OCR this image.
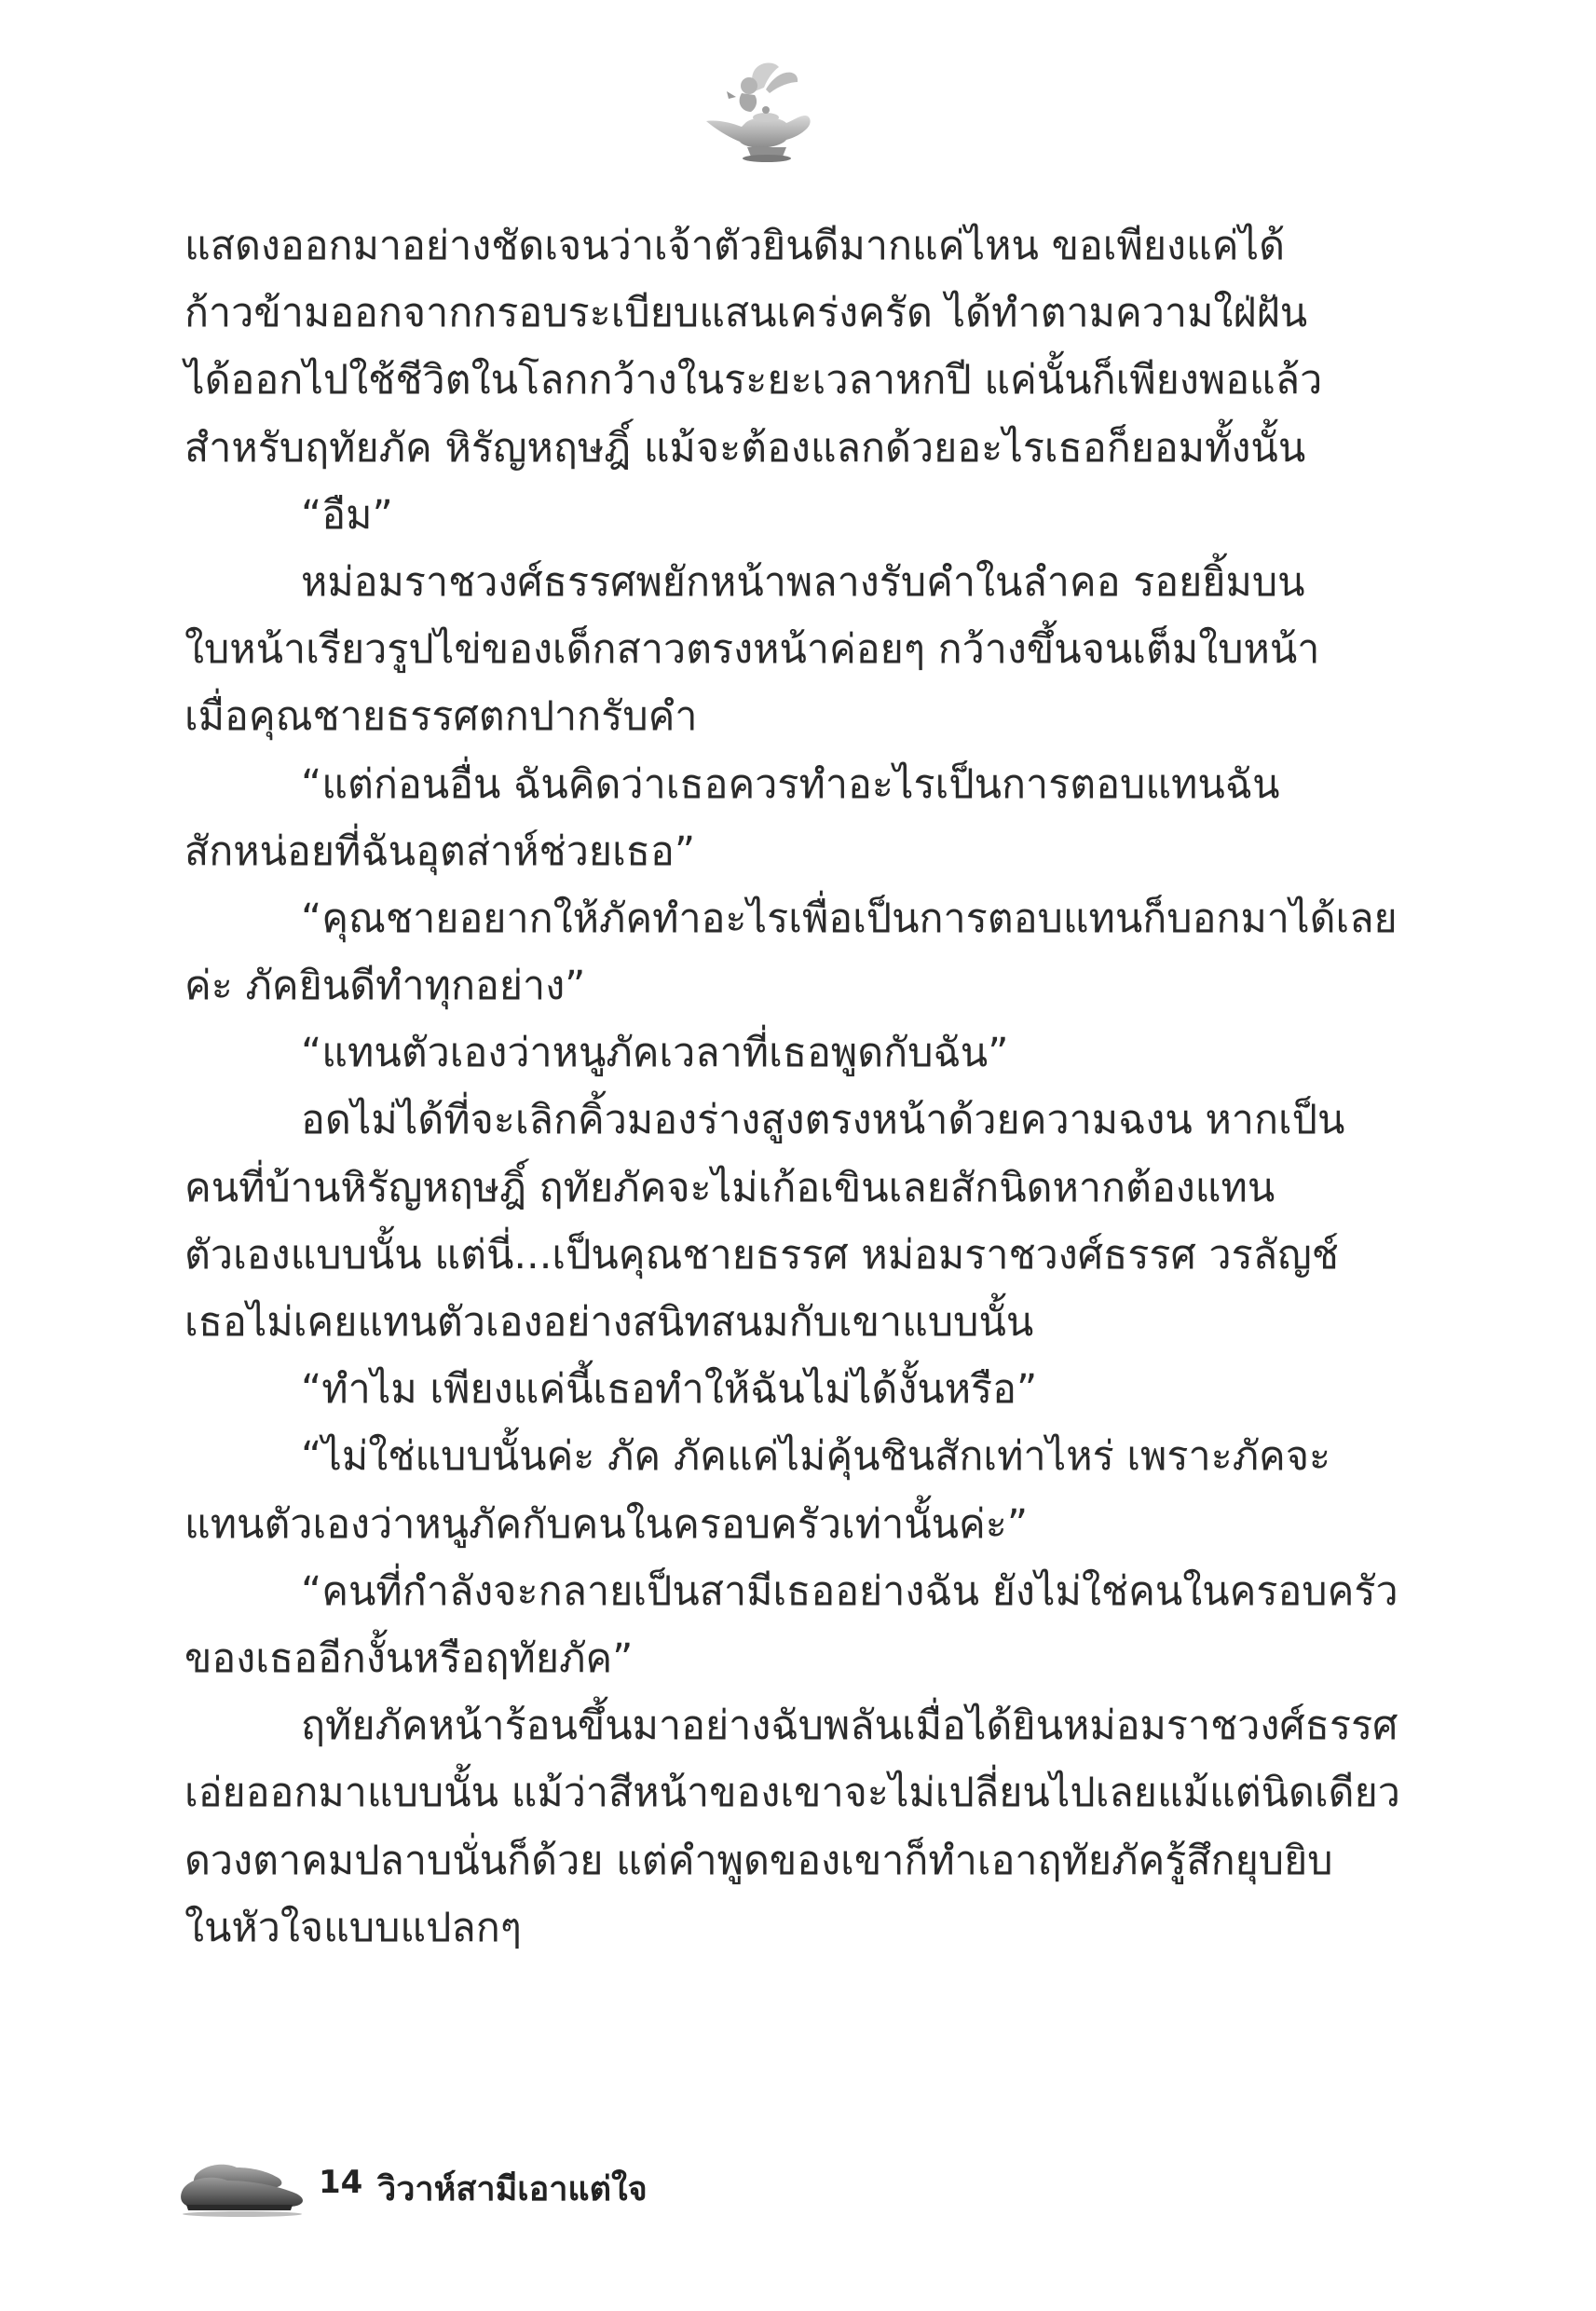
แสดงออกมาอย่างชัดเจนว่าเจ้าตัวยินดีมากแค่ไหน ขอเพียงแค่ได้
ก้าวข้ามออกจากกรอบระเบียบแสนเคร่งครัด ได้ทำตามความใฝ่ฝัน
ได้ออกไปใช้ชีวิตในโลกกว้างในระยะเวลาหกปี แค่นั้นก็เพียงพอแล้ว
สำหรับฤทัยภัค หิรัญหฤษฎิ์ แม้จะต้องแลกด้วยอะไรเธอก็ยอมทั้งนั้น
“อืม”
หม่อมราชวงศ์ธรรศพยักหน้าพลางรับคำในลำคอ รอยยิ้มบน
ใบหน้าเรียวรูปไข่ของเด็กสาวตรงหน้าค่อยๆ กว้างขึ้นจนเต็มใบหน้า
เมื่อคุณชายธรรศตกปากรับคำ
“แต่ก่อนอื่น ฉันคิดว่าเธอควรทำอะไรเป็นการตอบแทนฉัน
สักหน่อยที่ฉันอุตส่าห์ช่วยเธอ”
“คุณชายอยากให้ภัคทำอะไรเพื่อเป็นการตอบแทนก็บอกมาได้เลย
ค่ะ ภัคยินดีทำทุกอย่าง”
“แทนตัวเองว่าหนูภัคเวลาที่เธอพูดกับฉัน”
อดไม่ได้ที่จะเลิกคิ้วมองร่างสูงตรงหน้าด้วยความฉงน หากเป็น
คนที่บ้านหิรัญหฤษฎิ์ ฤทัยภัคจะไม่เก้อเขินเลยสักนิดหากต้องแทน
ตัวเองแบบนั้น แต่นี่...เป็นคุณชายธรรศ หม่อมราชวงศ์ธรรศ วรลัญช์
เธอไม่เคยแทนตัวเองอย่างสนิทสนมกับเขาแบบนั้น
“ทำไม เพียงแค่นี้เธอทำให้ฉันไม่ได้งั้นหรือ”
“ไม่ใช่แบบนั้นค่ะ ภัค ภัคแค่ไม่คุ้นชินสักเท่าไหร่ เพราะภัคจะ
แทนตัวเองว่าหนูภัคกับคนในครอบครัวเท่านั้นค่ะ”
“คนที่กำลังจะกลายเป็นสามีเธออย่างฉัน ยังไม่ใช่คนในครอบครัว
ของเธออีกงั้นหรือฤทัยภัค”
ฤทัยภัคหน้าร้อนขึ้นมาอย่างฉับพลันเมื่อได้ยินหม่อมราชวงศ์ธรรศ
เอ่ยออกมาแบบนั้น แม้ว่าสีหน้าของเขาจะไม่เปลี่ยนไปเลยแม้แต่นิดเดียว
ดวงตาคมปลาบนั่นก็ด้วย แต่คำพูดของเขาก็ทำเอาฤทัยภัครู้สึกยุบยิบ
ในหัวใจแบบแปลกๆ
14 วิวาห์สามีเอาแต่ใจ
